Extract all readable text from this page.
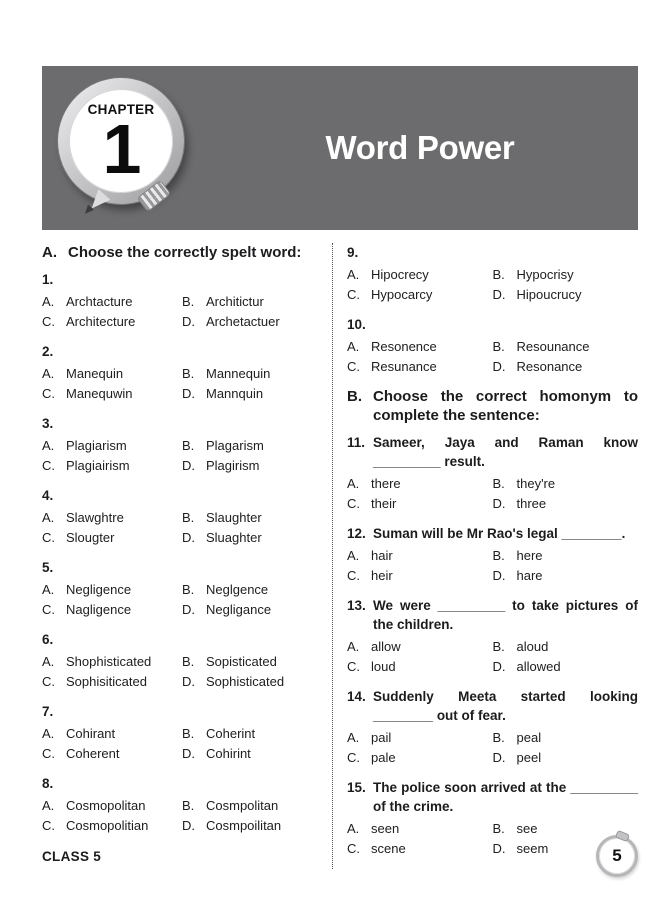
CHAPTER
1	Word Power
A. Choose the correctly spelt word:
1.
A. Archtacture	B. Architictur
C. Architecture	D. Archetactuer
2.
A. Manequin	B. Mannequin
C. Manequwin	D. Mannquin
3.
A. Plagiarism	B. Plagarism
C. Plagiairism	D. Plagirism
4.
A. Slawghtre	B. Slaughter
C. Slougter	D. Sluaghter
5.
A. Negligence	B. Neglgence
C. Nagligence	D. Negligance
6.
A. Shophisticated	B. Sopisticated
C. Sophisiticated	D. Sophisticated
7.
A. Cohirant	B. Coherint
C. Coherent	D. Cohirint
8.
A. Cosmopolitan	B. Cosmpolitan
C. Cosmopolitian	D. Cosmpoilitan
9.
A. Hipocrecy	B. Hypocrisy
C. Hypocarcy	D. Hipoucrucy
10.
A. Resonence	B. Resounance
C. Resunance	D. Resonance
B. Choose the correct homonym to complete the sentence:
11. Sameer, Jaya and Raman know _________ result.
A. there	B. they're
C. their	D. three
12. Suman will be Mr Rao's legal ________.
A. hair	B. here
C. heir	D. hare
13. We were _________ to take pictures of the children.
A. allow	B. aloud
C. loud	D. allowed
14. Suddenly Meeta started looking ________ out of fear.
A. pail	B. peal
C. pale	D. peel
15. The police soon arrived at the _________ of the crime.
A. seen	B. see
C. scene	D. seem
CLASS 5	5
